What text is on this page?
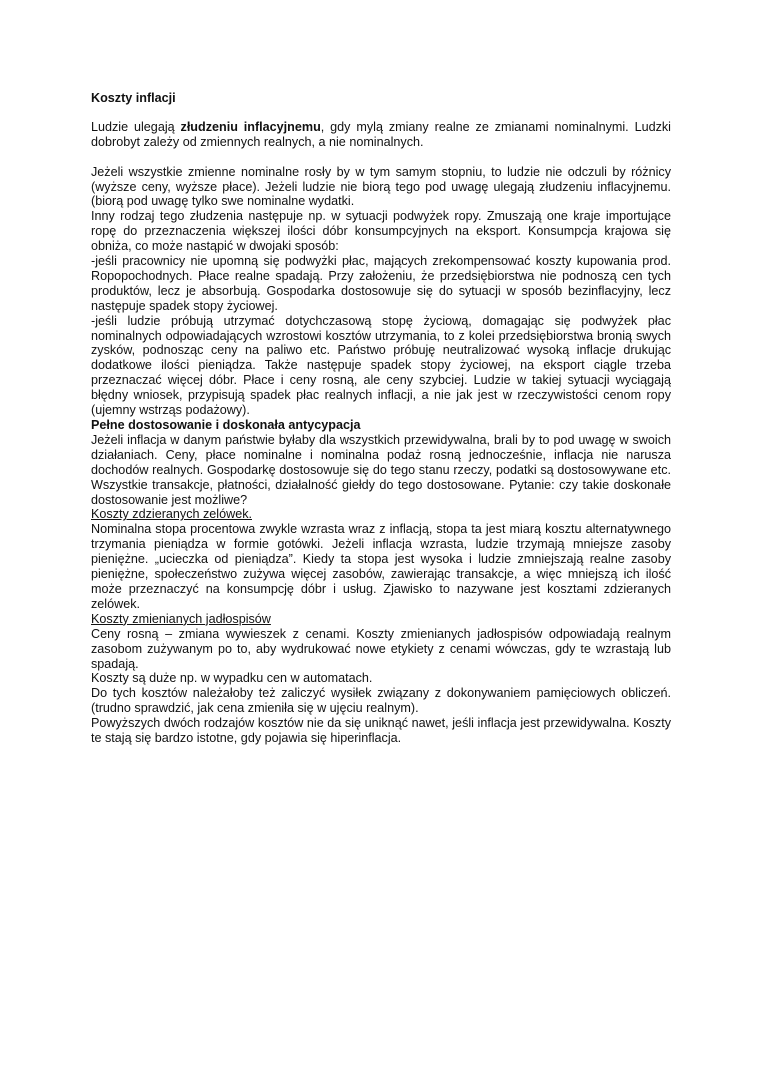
Koszty inflacji

Ludzie ulegają złudzeniu inflacyjnemu, gdy mylą zmiany realne ze zmianami nominalnymi. Ludzki dobrobyt zależy od zmiennych realnych, a nie nominalnych.

Jeżeli wszystkie zmienne nominalne rosły by w tym samym stopniu, to ludzie nie odczuli by różnicy (wyższe ceny, wyższe płace). Jeżeli ludzie nie biorą tego pod uwagę ulegają złudzeniu inflacyjnemu. (biorą pod uwagę tylko swe nominalne wydatki.

Inny rodzaj tego złudzenia następuje np. w sytuacji podwyżek ropy. Zmuszają one kraje importujące ropę do przeznaczenia większej ilości dóbr konsumpcyjnych na eksport. Konsumpcja krajowa się obniża, co może nastąpić w dwojaki sposób:

-jeśli pracownicy nie upomną się podwyżki płac, mających zrekompensować koszty kupowania prod. Ropopochodnych. Płace realne spadają. Przy założeniu, że przedsiębiorstwa nie podnoszą cen tych produktów, lecz je absorbują. Gospodarka dostosowuje się do sytuacji w sposób bezinflacyjny, lecz następuje spadek stopy życiowej.

-jeśli ludzie próbują utrzymać dotychczasową stopę życiową, domagając się podwyżek płac nominalnych odpowiadających wzrostowi kosztów utrzymania, to z kolei przedsiębiorstwa bronią swych zysków, podnosząc ceny na paliwo etc. Państwo próbuję neutralizować wysoką inflacje drukując dodatkowe ilości pieniądza. Także następuje spadek stopy życiowej, na eksport ciągle trzeba przeznaczać więcej dóbr. Płace i ceny rosną, ale ceny szybciej. Ludzie w takiej sytuacji wyciągają błędny wniosek, przypisują spadek płac realnych inflacji, a nie jak jest w rzeczywistości cenom ropy (ujemny wstrząs podażowy).

Pełne dostosowanie i doskonała antycypacja

Jeżeli inflacja w danym państwie byłaby dla wszystkich przewidywalna, brali by to pod uwagę w swoich działaniach. Ceny, płace nominalne i nominalna podaż rosną jednocześnie, inflacja nie narusza dochodów realnych. Gospodarkę dostosowuje się do tego stanu rzeczy, podatki są dostosowywane etc. Wszystkie transakcje, płatności, działalność giełdy do tego dostosowane. Pytanie: czy takie doskonałe dostosowanie jest możliwe?

Koszty zdzieranych zelówek.

Nominalna stopa procentowa zwykle wzrasta wraz z inflacją, stopa ta jest miarą kosztu alternatywnego trzymania pieniądza w formie gotówki. Jeżeli inflacja wzrasta, ludzie trzymają mniejsze zasoby pieniężne. „ucieczka od pieniądza”. Kiedy ta stopa jest wysoka i ludzie zmniejszają realne zasoby pieniężne, społeczeństwo zużywa więcej zasobów, zawierając transakcje, a więc mniejszą ich ilość może przeznaczyć na konsumpcję dóbr i usług. Zjawisko to nazywane jest kosztami zdzieranych zelówek.

Koszty zmienianych jadłospisów

Ceny rosną – zmiana wywieszek z cenami. Koszty zmienianych jadłospisów odpowiadają realnym zasobom zużywanym po to, aby wydrukować nowe etykiety z cenami wówczas, gdy te wzrastają lub spadają.

Koszty są duże np. w wypadku cen w automatach.

Do tych kosztów należałoby też zaliczyć wysiłek związany z dokonywaniem pamięciowych obliczeń. (trudno sprawdzić, jak cena zmieniła się w ujęciu realnym).

Powyższych dwóch rodzajów kosztów nie da się uniknąć nawet, jeśli inflacja jest przewidywalna. Koszty te stają się bardzo istotne, gdy pojawia się hiperinflacja.
